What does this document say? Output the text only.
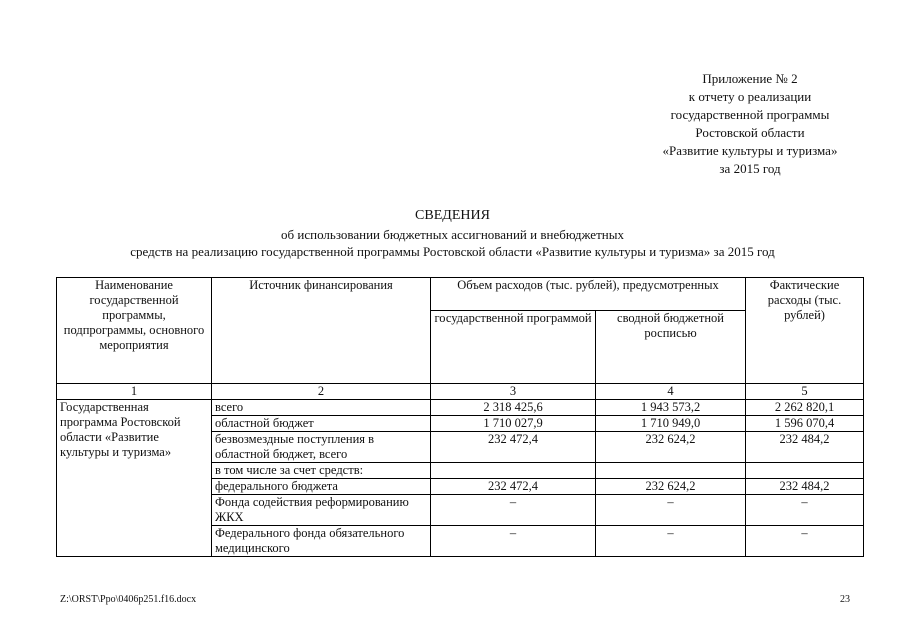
Приложение № 2
к отчету о реализации
государственной программы
Ростовской области
«Развитие культуры и туризма»
за 2015 год
СВЕДЕНИЯ
об использовании бюджетных ассигнований и внебюджетных
средств на реализацию государственной программы Ростовской области «Развитие культуры и туризма» за 2015 год
Наименование государственной программы, подпрограммы, основного мероприятия	Источник финансирования	Объем расходов (тыс. рублей), предусмотренных		Фактические расходы (тыс. рублей)
		государственной программой	сводной бюджетной росписью	
1	2	3	4	5
Государственная программа Ростовской области «Развитие культуры и туризма»	всего	2 318 425,6	1 943 573,2	2 262 820,1
	областной бюджет	1 710 027,9	1 710 949,0	1 596 070,4
	безвозмездные поступления в областной бюджет, всего	232 472,4	232 624,2	232 484,2
	в том числе за счет средств:			
	федерального бюджета	232 472,4	232 624,2	232 484,2
	Фонда содействия реформированию ЖКХ	–	–	–
	Федерального фонда обязательного медицинского	–	–	–
Z:\ORST\Ppo\0406p251.f16.docx	23
